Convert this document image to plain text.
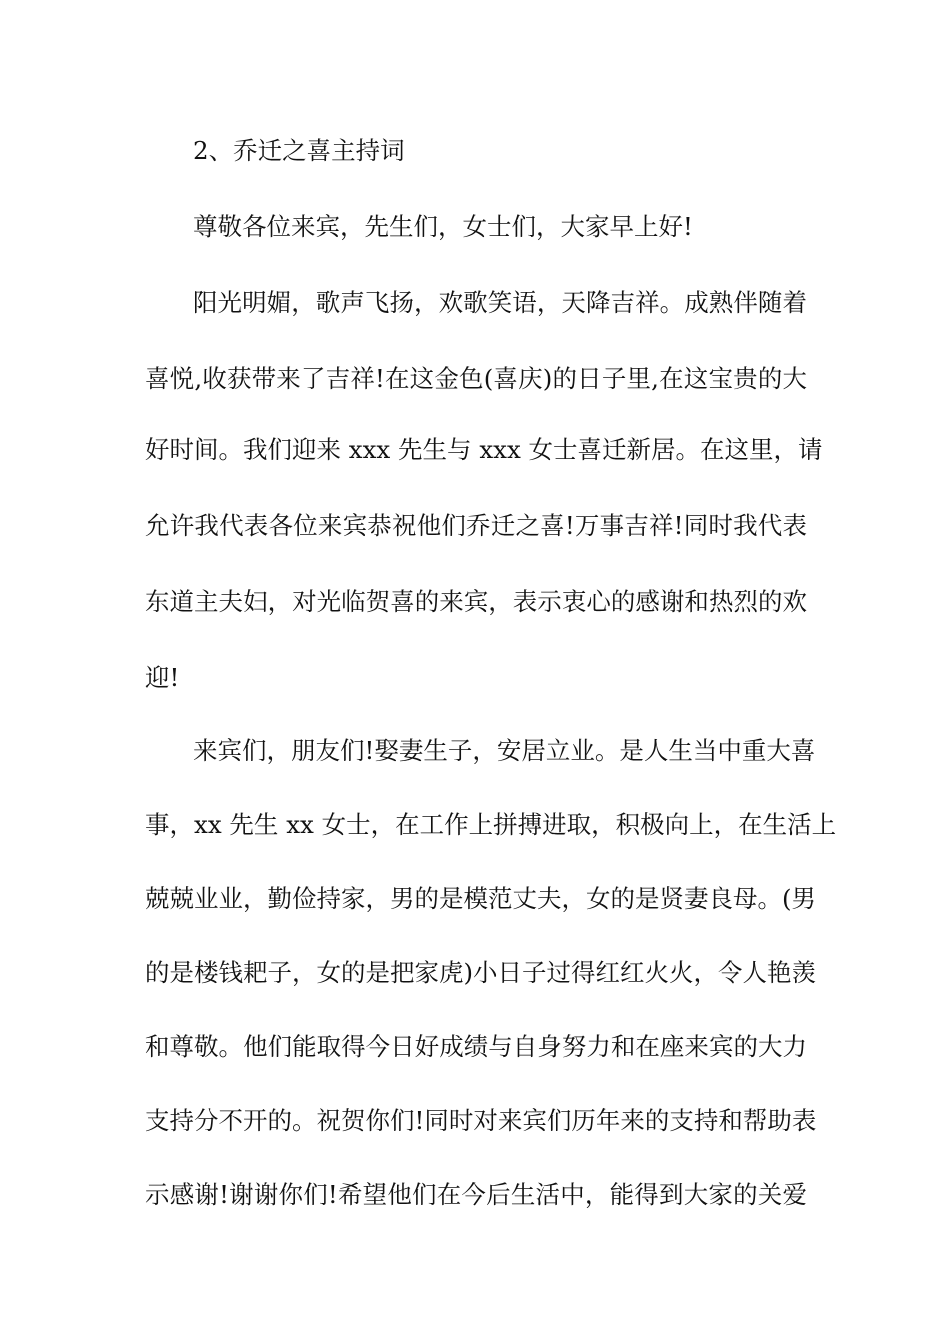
2、乔迁之喜主持词
尊敬各位来宾，先生们，女士们，大家早上好!
阳光明媚，歌声飞扬，欢歌笑语，天降吉祥。成熟伴随着
喜悦,收获带来了吉祥!在这金色(喜庆)的日子里,在这宝贵的大
好时间。我们迎来 xxx 先生与 xxx 女士喜迁新居。在这里，请
允许我代表各位来宾恭祝他们乔迁之喜!万事吉祥!同时我代表
东道主夫妇，对光临贺喜的来宾，表示衷心的感谢和热烈的欢
迎!
来宾们，朋友们!娶妻生子，安居立业。是人生当中重大喜
事，xx 先生 xx 女士，在工作上拼搏进取，积极向上，在生活上
兢兢业业，勤俭持家，男的是模范丈夫，女的是贤妻良母。(男
的是楼钱耙子，女的是把家虎)小日子过得红红火火，令人艳羡
和尊敬。他们能取得今日好成绩与自身努力和在座来宾的大力
支持分不开的。祝贺你们!同时对来宾们历年来的支持和帮助表
示感谢!谢谢你们!希望他们在今后生活中，能得到大家的关爱
